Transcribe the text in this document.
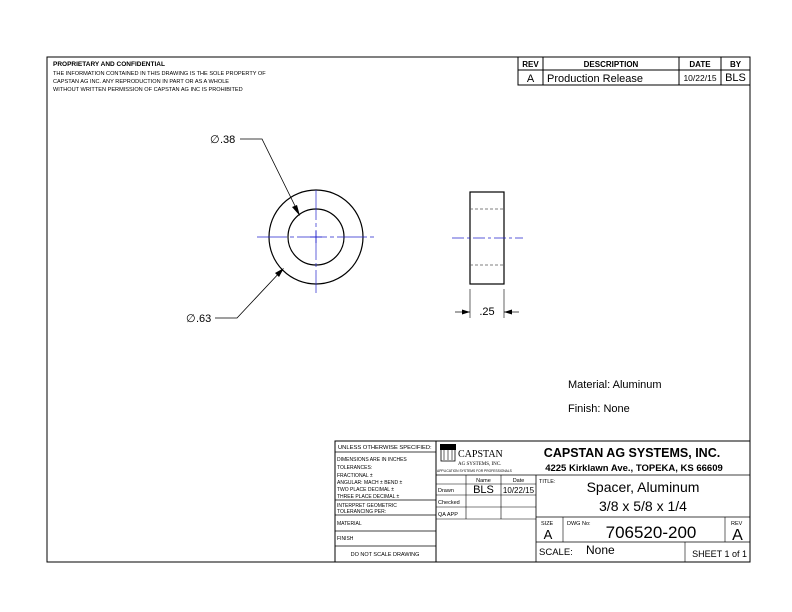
PROPRIETARY AND CONFIDENTIAL
THE INFORMATION CONTAINED IN THIS DRAWING IS THE SOLE PROPERTY OF
CAPSTAN AG INC. ANY REPRODUCTION IN PART OR AS A WHOLE
WITHOUT WRITTEN PERMISSION OF CAPSTAN AG INC IS PROHIBITED
REV	DESCRIPTION	DATE BY
A Production Release	10/22/15 BLS
∅ .38
∅ .63
.25
Material: Aluminum
Finish: None
UNLESS OTHERWISE SPECIFIED:
DIMENSIONS ARE IN INCHES
TOLERANCES:
FRACTIONAL ±
ANGULAR: MACH ± BEND ±
TWO PLACE DECIMAL ±
THREE PLACE DECIMAL ±
INTERPRET GEOMETRIC
TOLERANCING PER:
MATERIAL
FINISH
DO NOT SCALE DRAWING
CAPSTAN
AG SYSTEMS, INC.
APPLICATION SYSTEMS FOR PROFESSIONALS
Name	Date
Drawn BLS 10/22/15
Checked
QA APP
CAPSTAN AG SYSTEMS, INC.
4225 Kirklawn Ave., TOPEKA, KS 66609
TITLE: Spacer, Aluminum
3/8 x 5/8 x 1/4
SIZE
A
DWG No: 706520-200	REV
A
SCALE: None	SHEET 1 of 1
